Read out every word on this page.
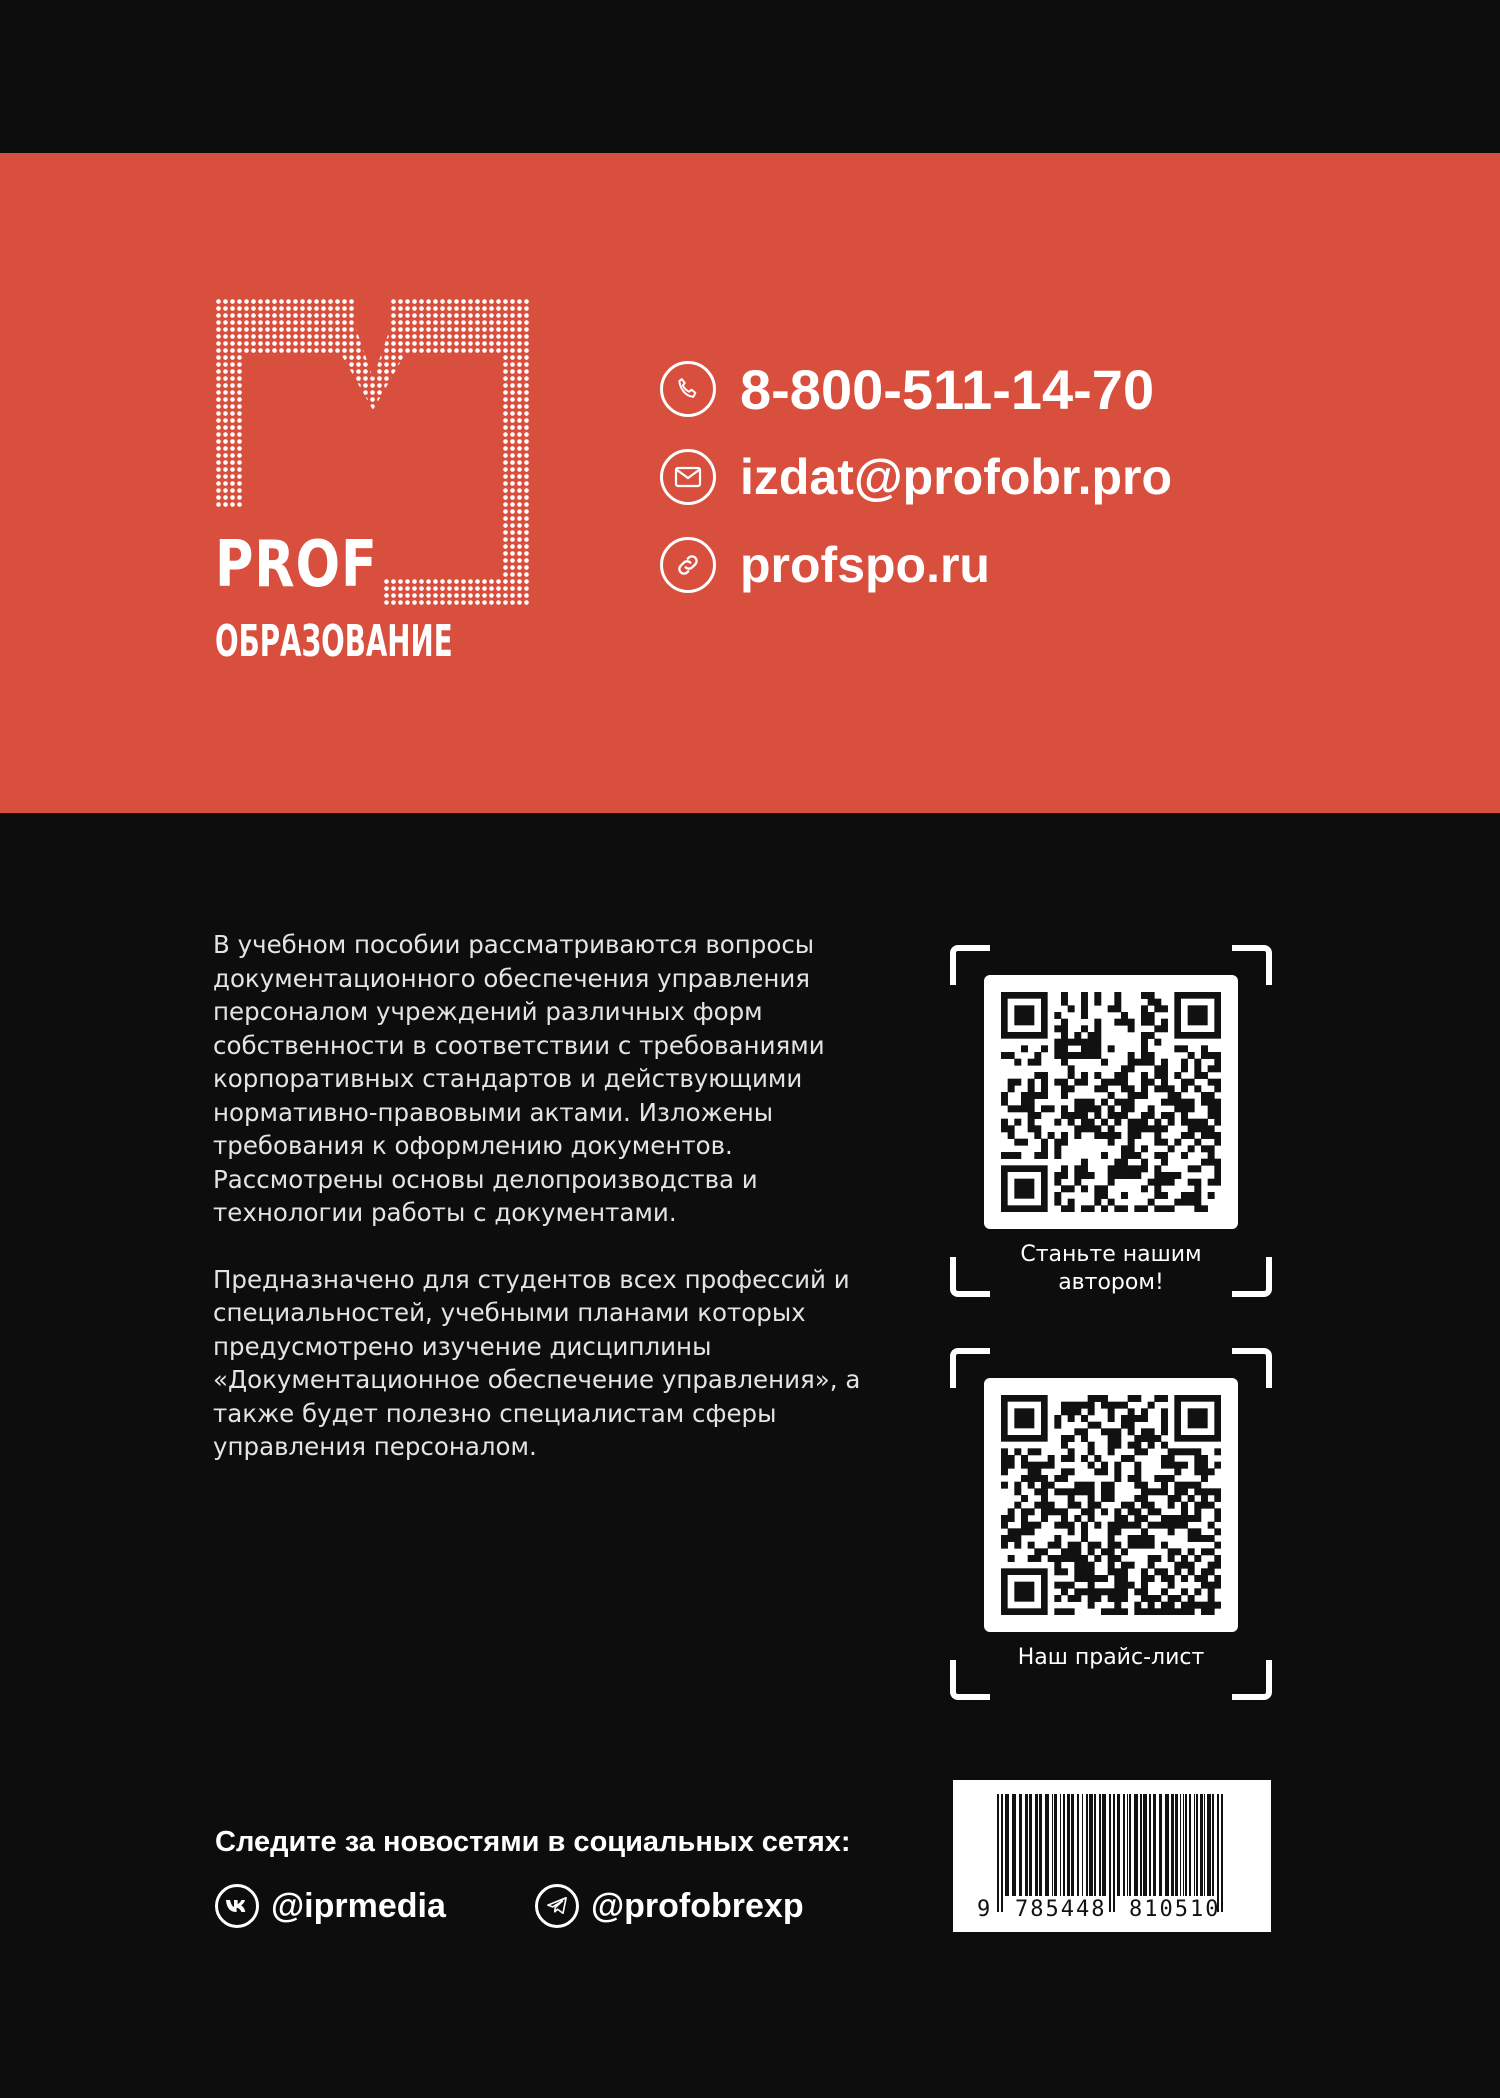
PROF
ОБРАЗОВАНИЕ
8-800-511-14-70
izdat@profobr.pro
profspo.ru

В учебном пособии рассматриваются вопросы документационного обеспечения управления персоналом учреждений различных форм собственности в соответствии с требованиями корпоративных стандартов и действующими нормативно-правовыми актами. Изложены требования к оформлению документов. Рассмотрены основы делопроизводства и технологии работы с документами.

Предназначено для студентов всех профессий и специальностей, учебными планами которых предусмотрено изучение дисциплины «Документационное обеспечение управления», а также будет полезно специалистам сферы управления персоналом.

Станьте нашим автором!
Наш прайс-лист
Следите за новостями в социальных сетях:
@iprmedia	@profobrexp	9 785448 810510
